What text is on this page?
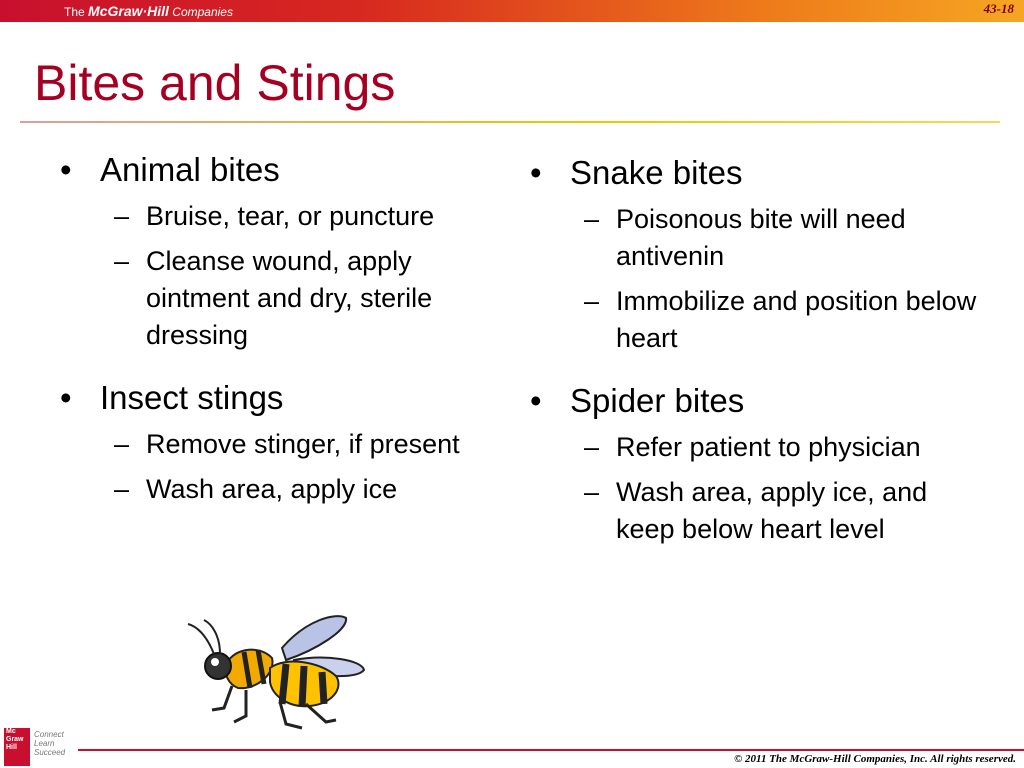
The McGraw·Hill Companies	43-18
Bites and Stings
• Animal bites
– Bruise, tear, or puncture
– Cleanse wound, apply ointment and dry, sterile dressing
• Insect stings
– Remove stinger, if present
– Wash area, apply ice
• Snake bites
– Poisonous bite will need antivenin
– Immobilize and position below heart
• Spider bites
– Refer patient to physician
– Wash area, apply ice, and keep below heart level
Mc
Graw
Hill
Connect
Learn
Succeed
© 2011 The McGraw-Hill Companies, Inc. All rights reserved.
